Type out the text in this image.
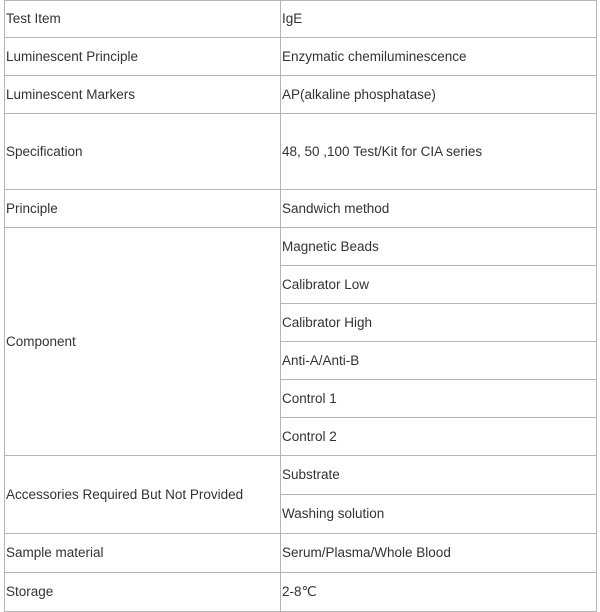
Test Item	IgE
Luminescent Principle	Enzymatic chemiluminescence
Luminescent Markers	AP(alkaline phosphatase)
Specification	48, 50 ,100 Test/Kit for CIA series
Principle	Sandwich method
Component	Magnetic Beads
	Calibrator Low
	Calibrator High
	Anti-A/Anti-B
	Control 1
	Control 2
Accessories Required But Not Provided	Substrate
	Washing solution
Sample material	Serum/Plasma/Whole Blood
Storage	2-8℃
